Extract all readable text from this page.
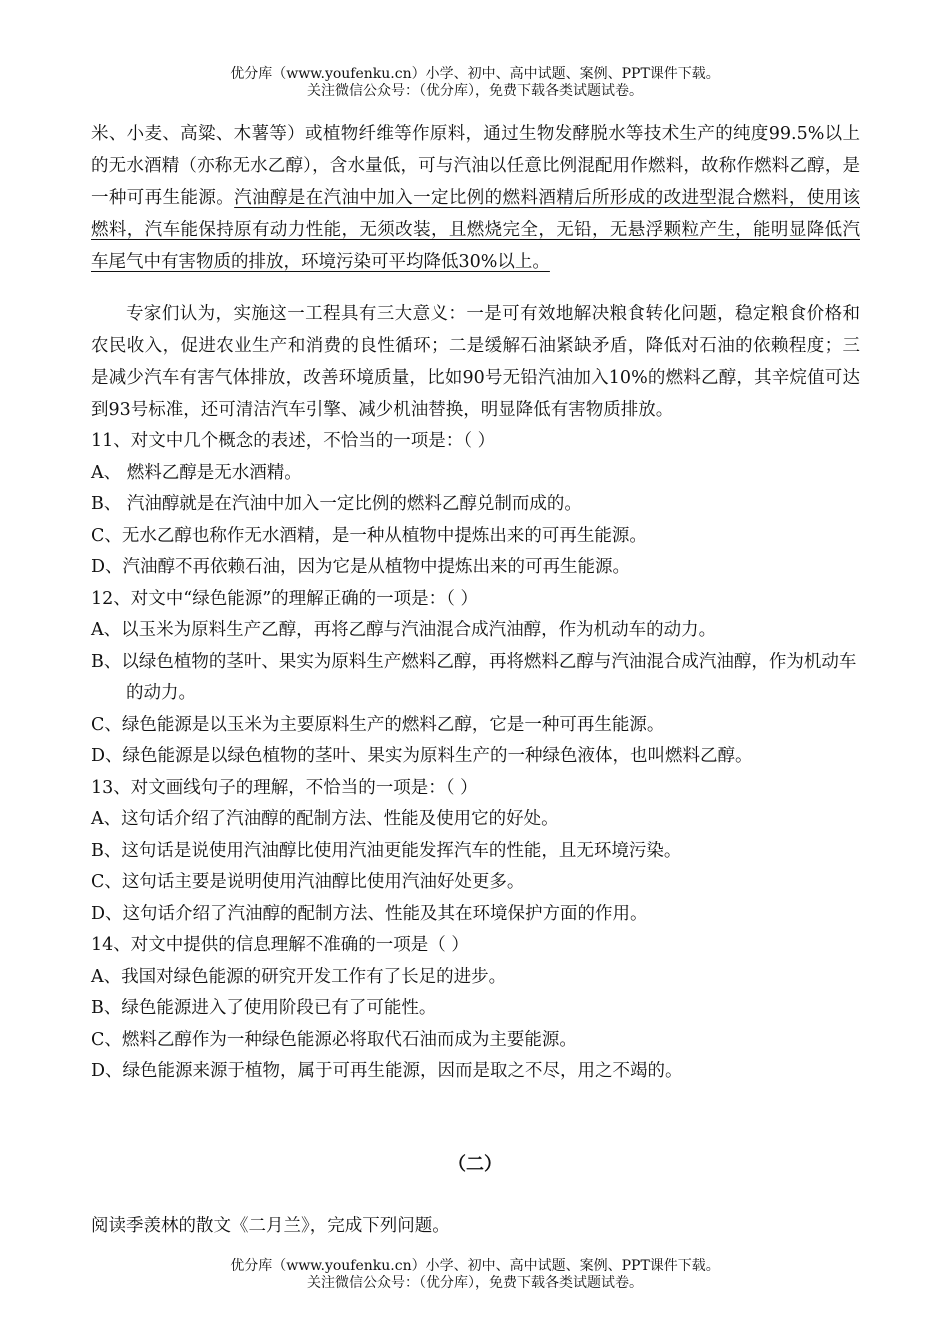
优分库（www.youfenku.cn）小学、初中、高中试题、案例、PPT课件下载。
关注微信公众号：（优分库），免费下载各类试题试卷。

米、小麦、高粱、木薯等）或植物纤维等作原料，通过生物发酵脱水等技术生产的纯度99.5%以上的无水酒精（亦称无水乙醇），含水量低，可与汽油以任意比例混配用作燃料，故称作燃料乙醇，是一种可再生能源。汽油醇是在汽油中加入一定比例的燃料酒精后所形成的改进型混合燃料，使用该燃料，汽车能保持原有动力性能，无须改装，且燃烧完全，无铅，无悬浮颗粒产生，能明显降低汽车尾气中有害物质的排放，环境污染可平均降低30%以上。

专家们认为，实施这一工程具有三大意义：一是可有效地解决粮食转化问题，稳定粮食价格和农民收入，促进农业生产和消费的良性循环；二是缓解石油紧缺矛盾，降低对石油的依赖程度；三是减少汽车有害气体排放，改善环境质量，比如90号无铅汽油加入10%的燃料乙醇，其辛烷值可达到93号标准，还可清洁汽车引擎、减少机油替换，明显降低有害物质排放。

11、对文中几个概念的表述，不恰当的一项是：（ ）

A、 燃料乙醇是无水酒精。

B、 汽油醇就是在汽油中加入一定比例的燃料乙醇兑制而成的。

C、无水乙醇也称作无水酒精，是一种从植物中提炼出来的可再生能源。

D、汽油醇不再依赖石油，因为它是从植物中提炼出来的可再生能源。

12、对文中“绿色能源”的理解正确的一项是：（ ）

A、以玉米为原料生产乙醇，再将乙醇与汽油混合成汽油醇，作为机动车的动力。

B、以绿色植物的茎叶、果实为原料生产燃料乙醇，再将燃料乙醇与汽油混合成汽油醇，作为机动车的动力。

C、绿色能源是以玉米为主要原料生产的燃料乙醇，它是一种可再生能源。

D、绿色能源是以绿色植物的茎叶、果实为原料生产的一种绿色液体，也叫燃料乙醇。

13、对文画线句子的理解，不恰当的一项是：（ ）

A、这句话介绍了汽油醇的配制方法、性能及使用它的好处。

B、这句话是说使用汽油醇比使用汽油更能发挥汽车的性能，且无环境污染。

C、这句话主要是说明使用汽油醇比使用汽油好处更多。

D、这句话介绍了汽油醇的配制方法、性能及其在环境保护方面的作用。

14、对文中提供的信息理解不准确的一项是（ ）

A、我国对绿色能源的研究开发工作有了长足的进步。

B、绿色能源进入了使用阶段已有了可能性。

C、燃料乙醇作为一种绿色能源必将取代石油而成为主要能源。

D、绿色能源来源于植物，属于可再生能源，因而是取之不尽，用之不竭的。

（二）
阅读季羡林的散文《二月兰》，完成下列问题。
优分库（www.youfenku.cn）小学、初中、高中试题、案例、PPT课件下载。
关注微信公众号：（优分库），免费下载各类试题试卷。
